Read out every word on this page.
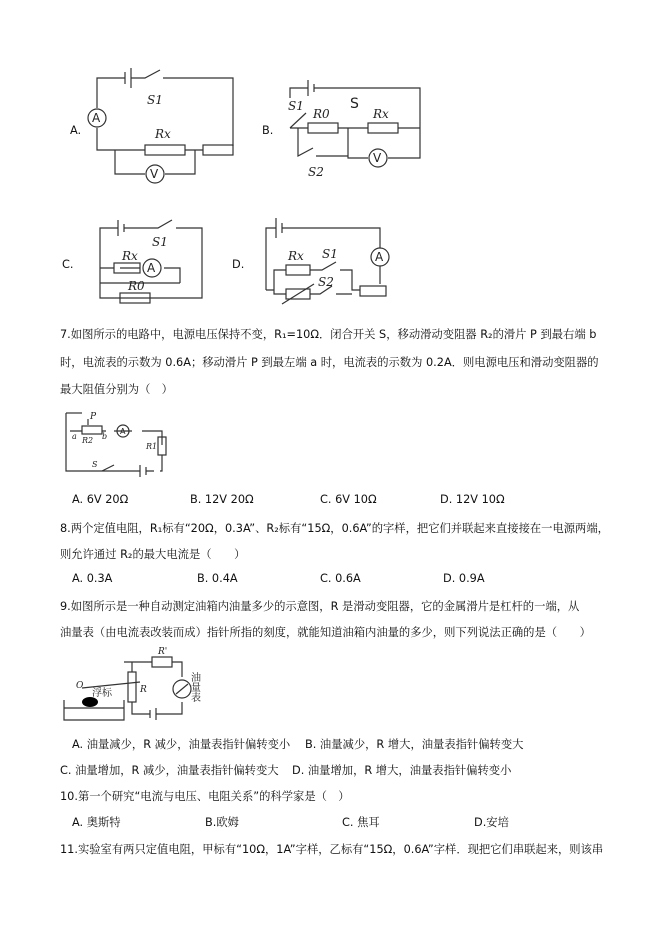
A.
A
V
S1
Rx	B.
V
S1	S
R0	Rx
S2
C.	A
S1
Rx
R0
D.
A
Rx S1
S2
7.如图所示的电路中，电源电压保持不变，R₁=10Ω．闭合开关 S，移动滑动变阻器 R₂的滑片 P 到最右端 b
时，电流表的示数为 0.6A；移动滑片 P 到最左端 a 时，电流表的示数为 0.2A．则电源电压和滑动变阻器的
最大阻值分别为（　）
A
P
a R2 b
R1
S
A. 6V 20Ω	B. 12V 20Ω	C. 6V 10Ω	D. 12V 10Ω
8.两个定值电阻，R₁标有“20Ω，0.3A”、R₂标有“15Ω，0.6A”的字样，把它们并联起来直接接在一电源两端，
则允许通过 R₂的最大电流是（　　）
A. 0.3A	B. 0.4A	C. 0.6A	D. 0.9A
9.如图所示是一种自动测定油箱内油量多少的示意图，R 是滑动变阻器，它的金属滑片是杠杆的一端，从
油量表（由电流表改装而成）指针所指的刻度，就能知道油箱内油量的多少，则下列说法正确的是（　　）
R'
R
O
浮标	油量表
A. 油量减少，R 减少，油量表指针偏转变小 B. 油量减少，R 增大，油量表指针偏转变大
C. 油量增加，R 减少，油量表指针偏转变大 D. 油量增加，R 增大，油量表指针偏转变小
10.第一个研究“电流与电压、电阻关系”的科学家是（　）
A. 奥斯特	B.欧姆	C. 焦耳	D.安培
11.实验室有两只定值电阻，甲标有“10Ω，1A”字样，乙标有“15Ω，0.6A”字样．现把它们串联起来，则该串
